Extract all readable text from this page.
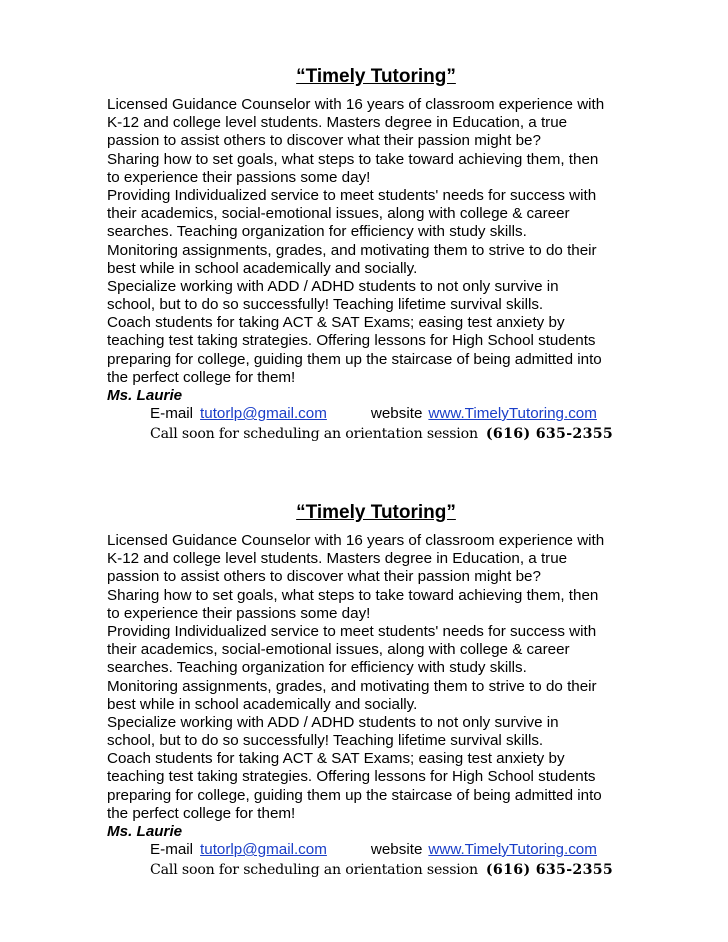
“Timely Tutoring”
Licensed Guidance Counselor with 16 years of classroom experience with
K-12 and college level students. Masters degree in Education, a true
passion to assist others to discover what their passion might be?
Sharing how to set goals, what steps to take toward achieving them, then
to experience their passions some day!
Providing Individualized service to meet students' needs for success with
their academics, social-emotional issues, along with college & career
searches. Teaching organization for efficiency with study skills.
Monitoring assignments, grades, and motivating them to strive to do their
best while in school academically and socially.
Specialize working with ADD / ADHD students to not only survive in
school, but to do so successfully! Teaching lifetime survival skills.
Coach students for taking ACT & SAT Exams; easing test anxiety by
teaching test taking strategies. Offering lessons for High School students
preparing for college, guiding them up the staircase of being admitted into
the perfect college for them!
Ms. Laurie
E-mail tutorlp@gmail.com	website www.TimelyTutoring.com
Call soon for scheduling an orientation session (616) 635-2355
“Timely Tutoring”
Licensed Guidance Counselor with 16 years of classroom experience with
K-12 and college level students. Masters degree in Education, a true
passion to assist others to discover what their passion might be?
Sharing how to set goals, what steps to take toward achieving them, then
to experience their passions some day!
Providing Individualized service to meet students' needs for success with
their academics, social-emotional issues, along with college & career
searches. Teaching organization for efficiency with study skills.
Monitoring assignments, grades, and motivating them to strive to do their
best while in school academically and socially.
Specialize working with ADD / ADHD students to not only survive in
school, but to do so successfully! Teaching lifetime survival skills.
Coach students for taking ACT & SAT Exams; easing test anxiety by
teaching test taking strategies. Offering lessons for High School students
preparing for college, guiding them up the staircase of being admitted into
the perfect college for them!
Ms. Laurie
E-mail tutorlp@gmail.com	website www.TimelyTutoring.com
Call soon for scheduling an orientation session (616) 635-2355
